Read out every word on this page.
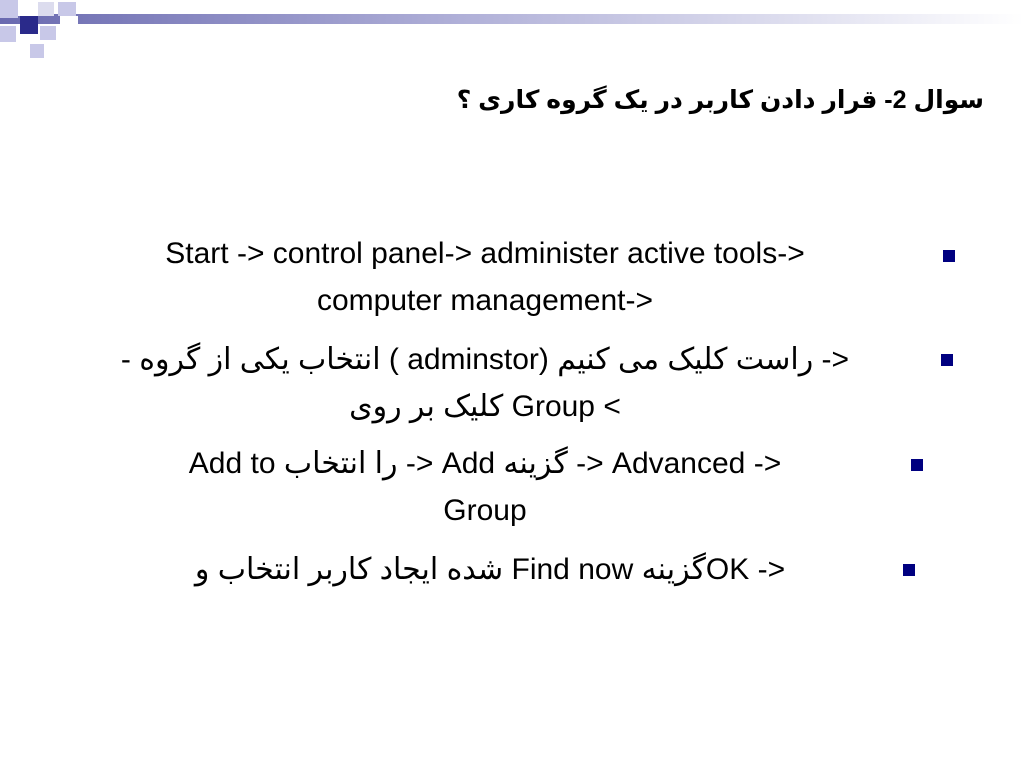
سوال 2- قرار دادن کاربر در یک گروه کاری ؟
Start -> control panel-> administer active tools->
computer management->
- انتخاب یکی از گروه ( adminstor) راست کلیک می کنیم ->
کلیک بر روی Group <
Add to را انتخاب -> Add گزینه -> Advanced ->
Group
شده ایجاد کاربر انتخاب و Find now گزینهOK ->
